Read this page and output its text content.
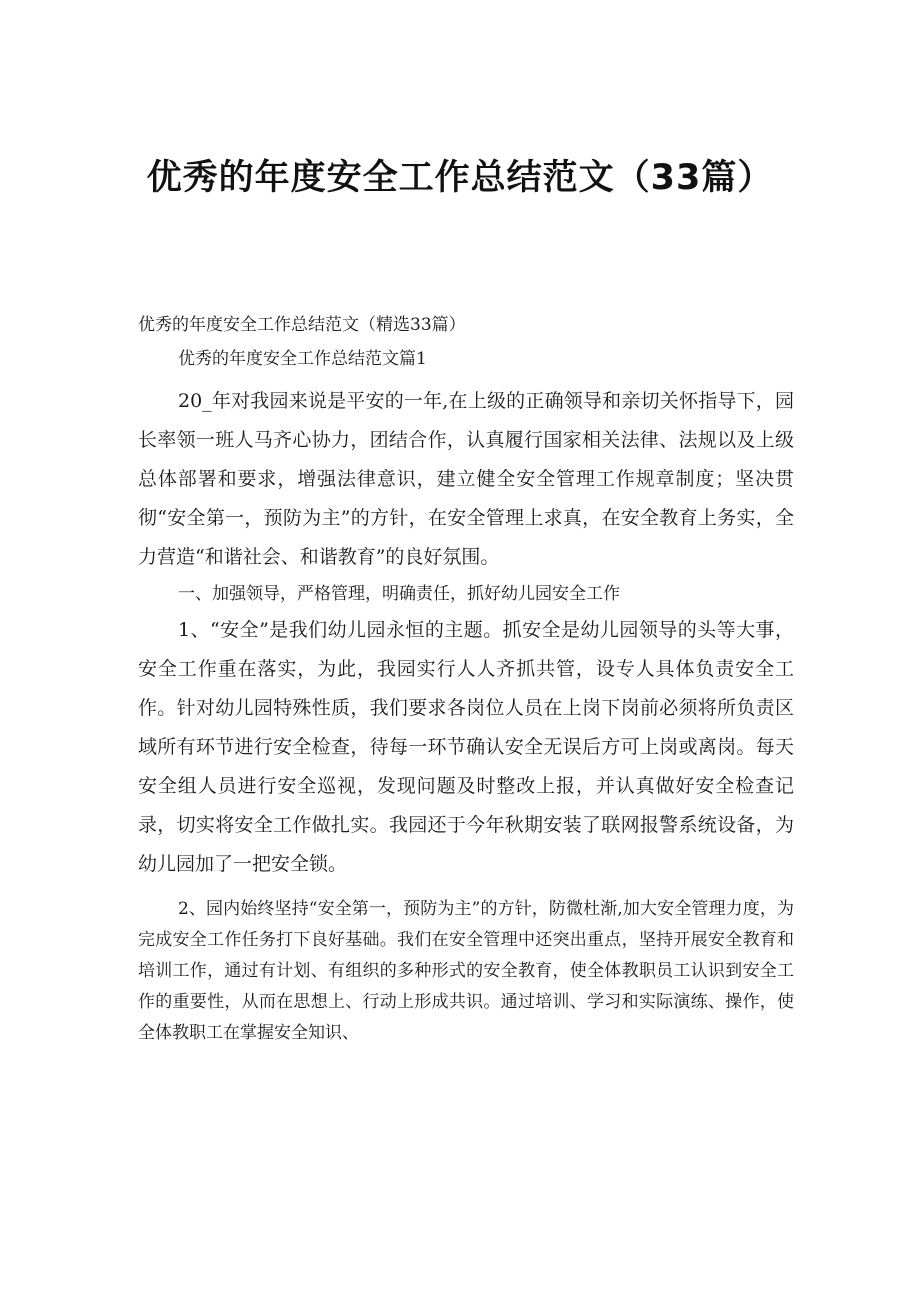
优秀的年度安全工作总结范文（33篇）

优秀的年度安全工作总结范文（精选33篇）

优秀的年度安全工作总结范文篇1

20_年对我园来说是平安的一年,在上级的正确领导和亲切关怀指导下，园长率领一班人马齐心协力，团结合作，认真履行国家相关法律、法规以及上级总体部署和要求，增强法律意识，建立健全安全管理工作规章制度；坚决贯彻“安全第一，预防为主”的方针，在安全管理上求真，在安全教育上务实，全力营造“和谐社会、和谐教育”的良好氛围。

一、加强领导，严格管理，明确责任，抓好幼儿园安全工作

1、“安全”是我们幼儿园永恒的主题。抓安全是幼儿园领导的头等大事，安全工作重在落实，为此，我园实行人人齐抓共管，设专人具体负责安全工作。针对幼儿园特殊性质，我们要求各岗位人员在上岗下岗前必须将所负责区域所有环节进行安全检查，待每一环节确认安全无误后方可上岗或离岗。每天安全组人员进行安全巡视，发现问题及时整改上报，并认真做好安全检查记录，切实将安全工作做扎实。我园还于今年秋期安装了联网报警系统设备，为幼儿园加了一把安全锁。

2、园内始终坚持“安全第一，预防为主”的方针，防微杜渐,加大安全管理力度，为完成安全工作任务打下良好基础。我们在安全管理中还突出重点，坚持开展安全教育和培训工作，通过有计划、有组织的多种形式的安全教育，使全体教职员工认识到安全工作的重要性，从而在思想上、行动上形成共识。通过培训、学习和实际演练、操作，使全体教职工在掌握安全知识、
